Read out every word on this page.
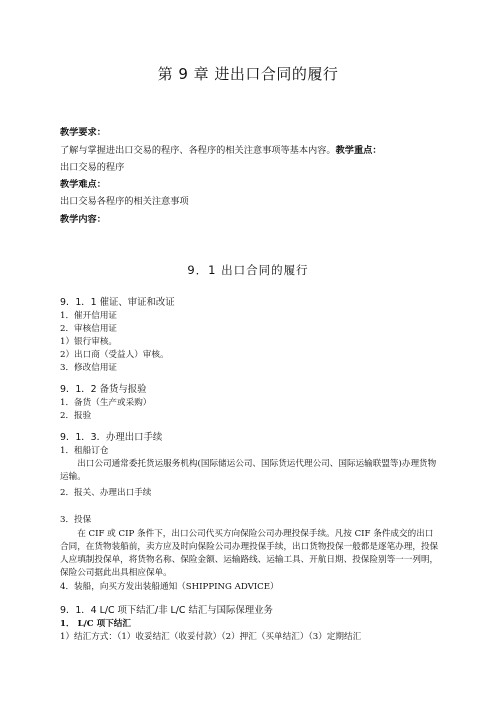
第 9 章 进出口合同的履行
教学要求：
了解与掌握进出口交易的程序、各程序的相关注意事项等基本内容。教学重点：
出口交易的程序
教学难点：
出口交易各程序的相关注意事项
教学内容：
9．1 出口合同的履行
9．1．1 催证、审证和改证
1．催开信用证
2．审核信用证
1）银行审核。
2）出口商（受益人）审核。
3．修改信用证
9．1．2 备货与报验
1．备货（生产或采购）
2．报验
9．1．3．办理出口手续
1．租船订仓
出口公司通常委托货运服务机构(国际储运公司、国际货运代理公司、国际运输联盟等)办理货物运输。
2．报关、办理出口手续
3．投保
在 CIF 或 CIP 条件下，出口公司代买方向保险公司办理投保手续。凡按 CIF 条件成交的出口合同，在货物装船前，卖方应及时向保险公司办理投保手续，出口货物投保一般都是逐笔办理，投保人应填制投保单，将货物名称、保险金额、运输路线、运输工具、开航日期、投保险别等一一列明，保险公司据此出具相应保单。
4．装船，向买方发出装船通知（SHIPPING ADVICE）
9．1．4 L/C 项下结汇/非 L/C 结汇与国际保理业务
1． L/C 项下结汇
1）结汇方式：（1）收妥结汇（收妥付款）（2）押汇（买单结汇）（3）定期结汇
